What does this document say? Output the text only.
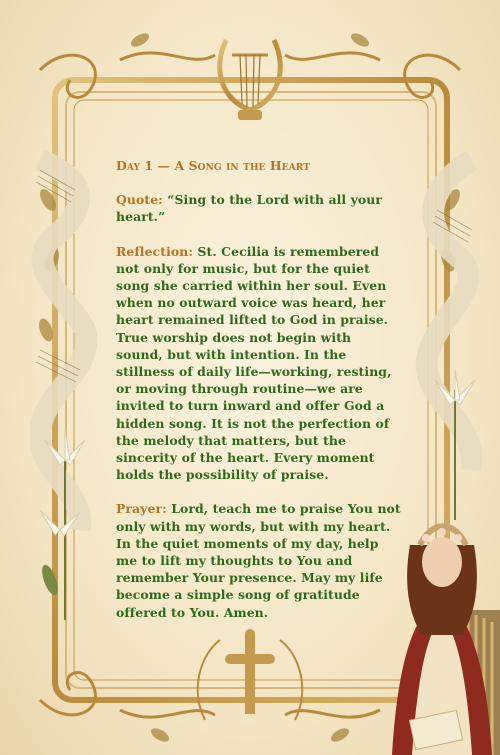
Day 1 — A Song in the Heart

Quote: “Sing to the Lord with all your heart.”

Reflection: St. Cecilia is remembered not only for music, but for the quiet song she carried within her soul. Even when no outward voice was heard, her heart remained lifted to God in praise. True worship does not begin with sound, but with intention. In the stillness of daily life—working, resting, or moving through routine—we are invited to turn inward and offer God a hidden song. It is not the perfection of the melody that matters, but the sincerity of the heart. Every moment holds the possibility of praise.

Prayer: Lord, teach me to praise You not only with my words, but with my heart. In the quiet moments of my day, help me to lift my thoughts to You and remember Your presence. May my life become a simple song of gratitude offered to You. Amen.
